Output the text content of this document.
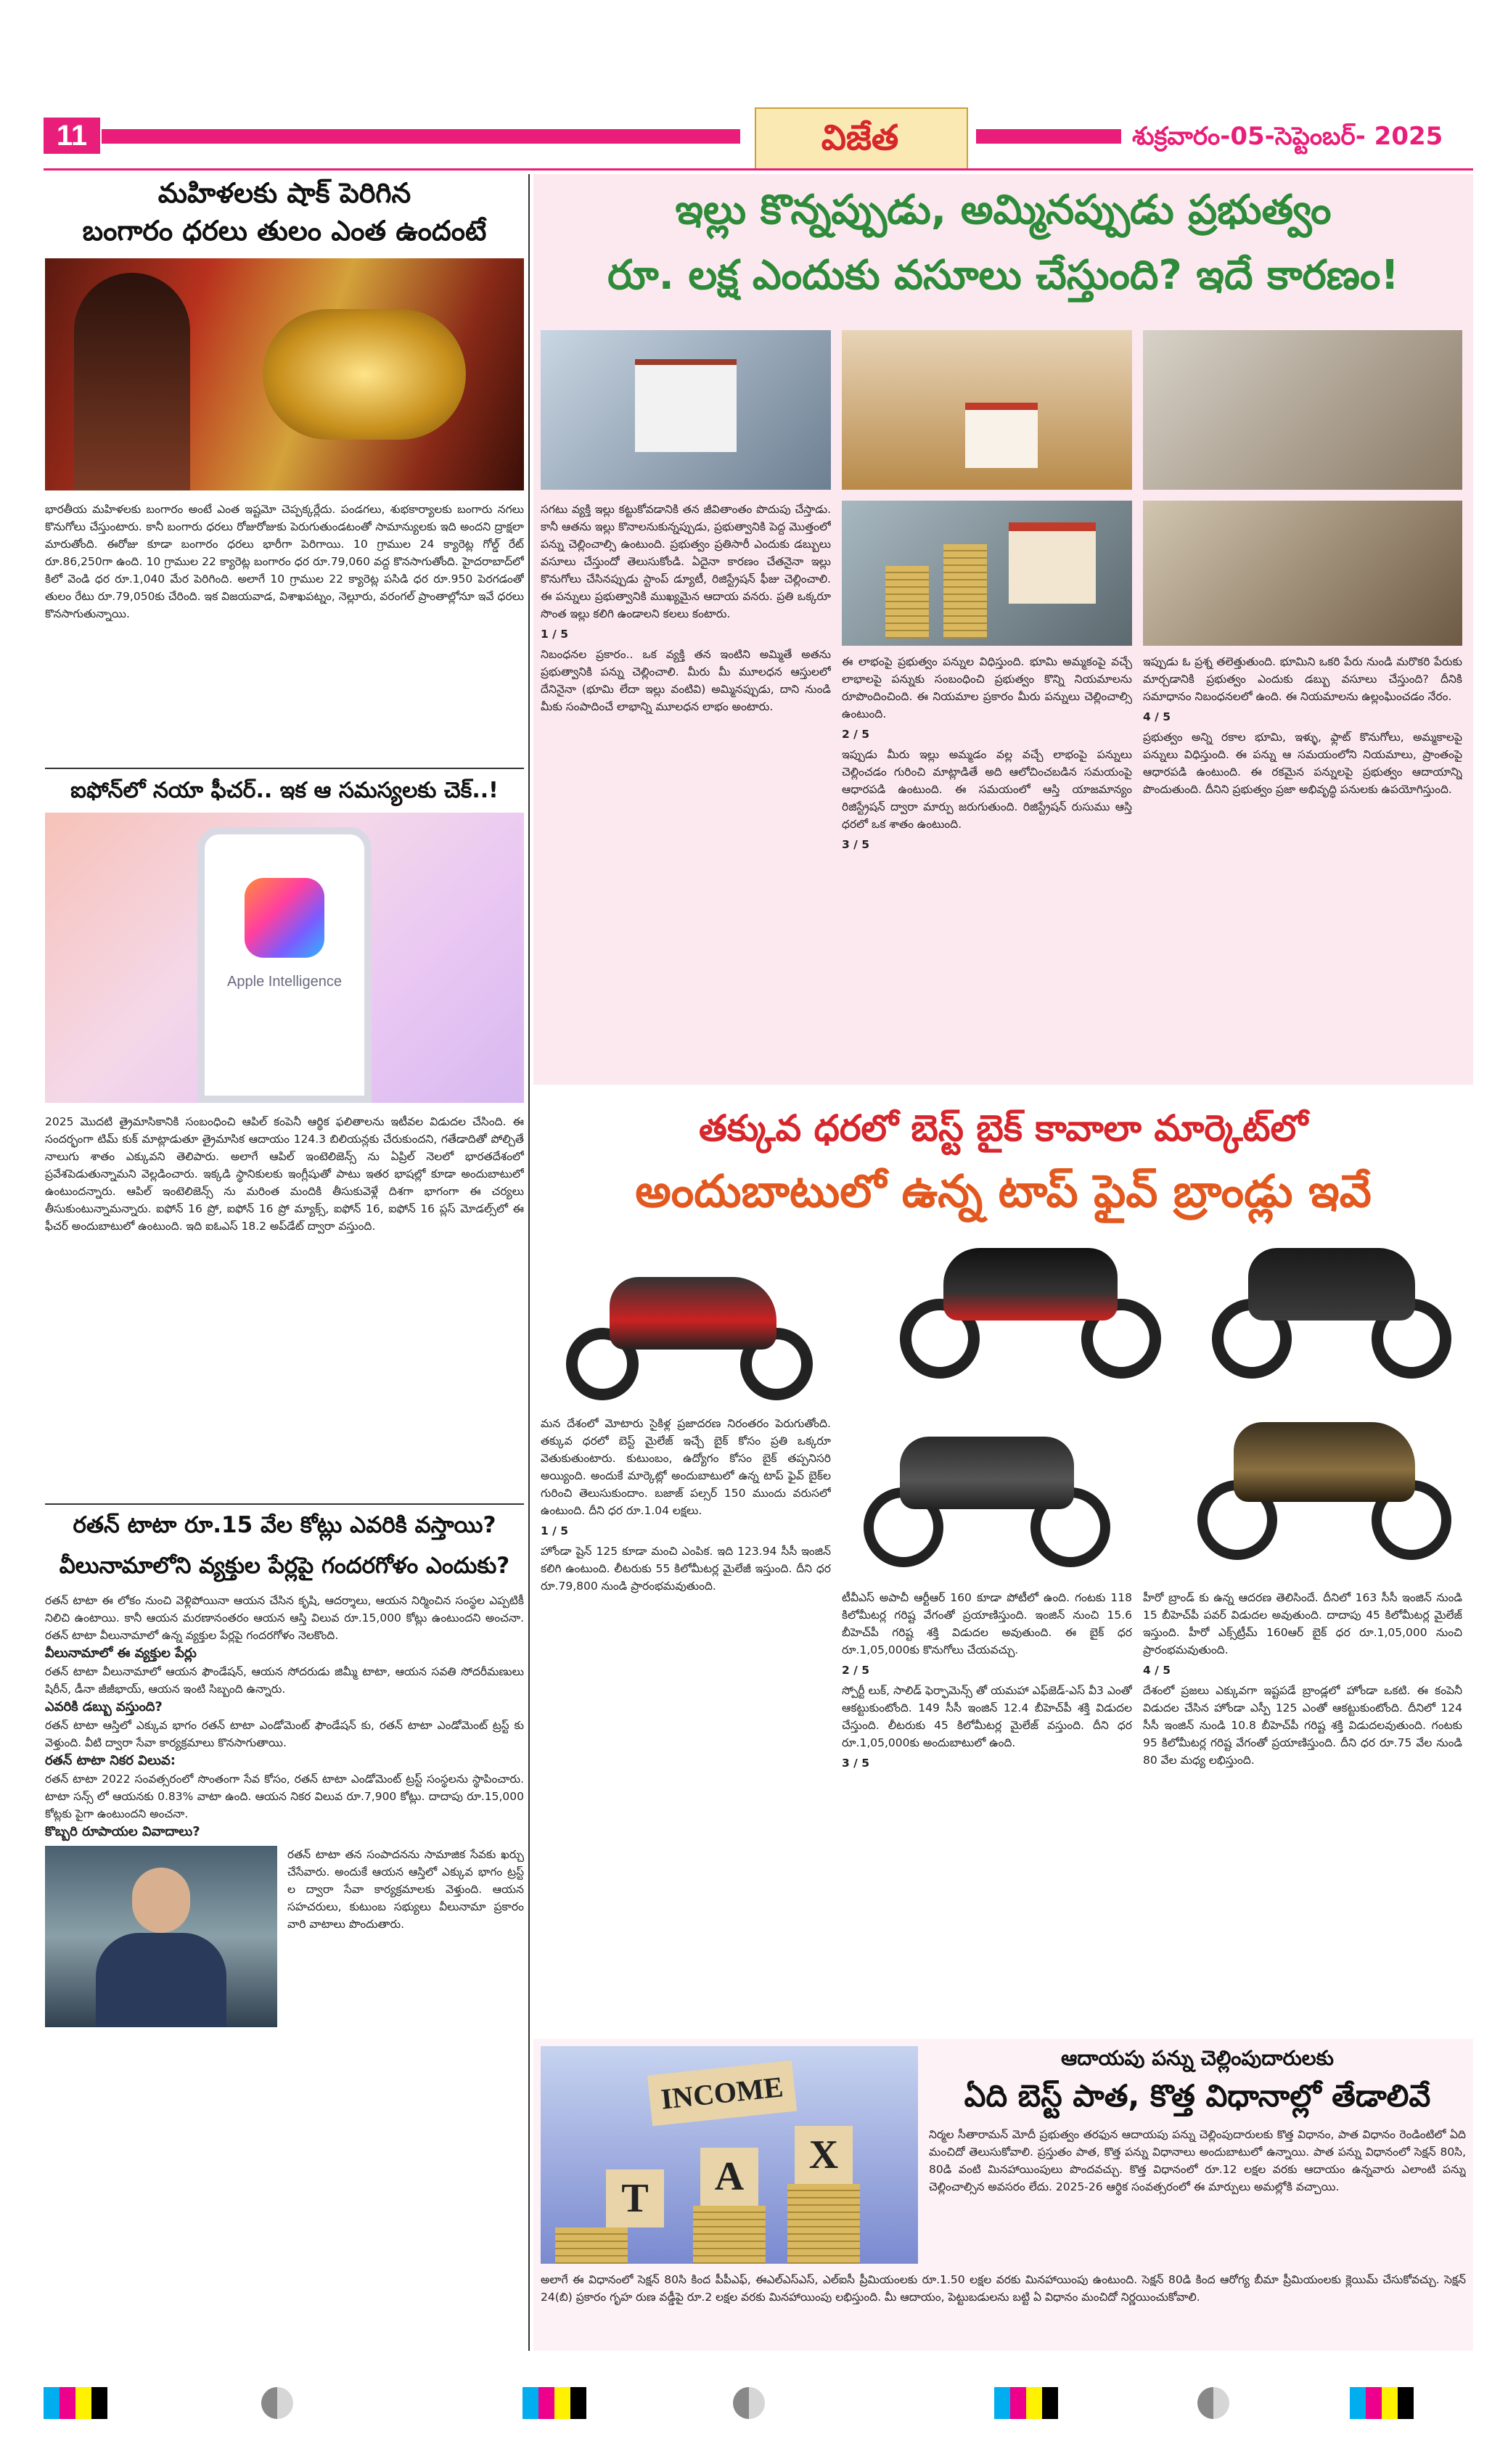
11	విజేత	శుక్రవారం-05-సెప్టెంబర్- 2025
మహిళలకు షాక్ పెరిగిన
బంగారం ధరలు తులం ఎంత ఉందంటే
భారతీయ మహిళలకు బంగారం అంటే ఎంత ఇష్టమో చెప్పక్కర్లేదు. పండగలు, శుభకార్యాలకు బంగారు నగలు కొనుగోలు చేస్తుంటారు. కానీ బంగారు ధరలు రోజురోజుకు పెరుగుతుండటంతో సామాన్యులకు ఇది అందని ద్రాక్షలా మారుతోంది. ఈరోజు కూడా బంగారం ధరలు భారీగా పెరిగాయి. 10 గ్రాముల 24 క్యారెట్ల గోల్డ్ రేట్ రూ.86,250గా ఉంది. 10 గ్రాముల 22 క్యారెట్ల బంగారం ధర రూ.79,060 వద్ద కొనసాగుతోంది. హైదరాబాద్‌లో కిలో వెండి ధర రూ.1,040 మేర పెరిగింది. అలాగే 10 గ్రాముల 22 క్యారెట్ల పసిడి ధర రూ.950 పెరగడంతో తులం రేటు రూ.79,050కు చేరింది. ఇక విజయవాడ, విశాఖపట్నం, నెల్లూరు, వరంగల్ ప్రాంతాల్లోనూ ఇవే ధరలు కొనసాగుతున్నాయి.
ఐఫోన్‌లో నయా ఫీచర్.. ఇక ఆ సమస్యలకు చెక్..!
Apple Intelligence
2025 మొదటి త్రైమాసికానికి సంబంధించి ఆపిల్ కంపెనీ ఆర్థిక ఫలితాలను ఇటీవల విడుదల చేసింది. ఈ సందర్భంగా టిమ్ కుక్ మాట్లాడుతూ త్రైమాసిక ఆదాయం 124.3 బిలియన్లకు చేరుకుందని, గతేడాదితో పోల్చితే నాలుగు శాతం ఎక్కువని తెలిపారు. అలాగే ఆపిల్ ఇంటెలిజెన్స్ ను ఏప్రిల్ నెలలో భారతదేశంలో ప్రవేశపెడుతున్నామని వెల్లడించారు. ఇక్కడి స్థానికులకు ఇంగ్లీషుతో పాటు ఇతర భాషల్లో కూడా అందుబాటులో ఉంటుందన్నారు. ఆపిల్ ఇంటెలిజెన్స్ ను మరింత మందికి తీసుకువెళ్లే దిశగా భాగంగా ఈ చర్యలు తీసుకుంటున్నామన్నారు. ఐఫోన్ 16 ప్రో, ఐఫోన్ 16 ప్రో మ్యాక్స్, ఐఫోన్ 16, ఐఫోన్ 16 ప్లస్ మోడల్స్‌లో ఈ ఫీచర్ అందుబాటులో ఉంటుంది. ఇది ఐఓఎస్ 18.2 అప్‌డేట్ ద్వారా వస్తుంది.
రతన్ టాటా రూ.15 వేల కోట్లు ఎవరికి వస్తాయి?
వీలునామాలోని వ్యక్తుల పేర్లపై గందరగోళం ఎందుకు?
రతన్ టాటా ఈ లోకం నుంచి వెళ్లిపోయినా ఆయన చేసిన కృషి, ఆదర్శాలు, ఆయన నిర్మించిన సంస్థల ఎప్పటికీ నిలిచి ఉంటాయి. కానీ ఆయన మరణానంతరం ఆయన ఆస్తి విలువ రూ.15,000 కోట్లు ఉంటుందని అంచనా. రతన్ టాటా వీలునామాలో ఉన్న వ్యక్తుల పేర్లపై గందరగోళం నెలకొంది.
వీలునామాలో ఈ వ్యక్తుల పేర్లు
రతన్ టాటా వీలునామాలో ఆయన ఫౌండేషన్, ఆయన సోదరుడు జిమ్మీ టాటా, ఆయన సవతి సోదరీమణులు షిరీన్, డీనా జీజీభాయ్, ఆయన ఇంటి సిబ్బంది ఉన్నారు.
ఎవరికి డబ్బు వస్తుంది?
రతన్ టాటా ఆస్తిలో ఎక్కువ భాగం రతన్ టాటా ఎండోమెంట్ ఫౌండేషన్ కు, రతన్ టాటా ఎండోమెంట్ ట్రస్ట్ కు వెళ్తుంది. వీటి ద్వారా సేవా కార్యక్రమాలు కొనసాగుతాయి.
రతన్ టాటా నికర విలువ:
రతన్ టాటా 2022 సంవత్సరంలో సొంతంగా సేవ కోసం, రతన్ టాటా ఎండోమెంట్ ట్రస్ట్ సంస్థలను స్థాపించారు. టాటా సన్స్ లో ఆయనకు 0.83% వాటా ఉంది. ఆయన నికర విలువ రూ.7,900 కోట్లు. దాదాపు రూ.15,000 కోట్లకు పైగా ఉంటుందని అంచనా.
కొబ్బరి రూపాయల వివాదాలు?
రతన్ టాటా తన సంపాదనను సామాజిక సేవకు ఖర్చు చేసేవారు. అందుకే ఆయన ఆస్తిలో ఎక్కువ భాగం ట్రస్ట్ ల ద్వారా సేవా కార్యక్రమాలకు వెళ్తుంది. ఆయన సహచరులు, కుటుంబ సభ్యులు వీలునామా ప్రకారం వారి వాటాలు పొందుతారు.
ఇల్లు కొన్నప్పుడు, అమ్మినప్పుడు ప్రభుత్వం
రూ. లక్ష ఎందుకు వసూలు చేస్తుంది? ఇదే కారణం!
సగటు వ్యక్తి ఇల్లు కట్టుకోవడానికి తన జీవితాంతం పొదుపు చేస్తాడు. కానీ ఆతను ఇల్లు కొనాలనుకున్నప్పుడు, ప్రభుత్వానికి పెద్ద మొత్తంలో పన్ను చెల్లించాల్సి ఉంటుంది. ప్రభుత్వం ప్రతిసారీ ఎందుకు డబ్బులు వసూలు చేస్తుందో తెలుసుకోండి. ఏదైనా కారణం చేతనైనా ఇల్లు కొనుగోలు చేసినప్పుడు స్టాంప్ డ్యూటీ, రిజిస్ట్రేషన్ ఫీజు చెల్లించాలి. ఈ పన్నులు ప్రభుత్వానికి ముఖ్యమైన ఆదాయ వనరు. ప్రతి ఒక్కరూ సొంత ఇల్లు కలిగి ఉండాలని కలలు కంటారు.
1 / 5
నిబంధనల ప్రకారం.. ఒక వ్యక్తి తన ఇంటిని అమ్మితే అతను ప్రభుత్వానికి పన్ను చెల్లించాలి. మీరు మీ మూలధన ఆస్తులలో దేనినైనా (భూమి లేదా ఇల్లు వంటివి) అమ్మినప్పుడు, దాని నుండి మీకు సంపాదించే లాభాన్ని మూలధన లాభం అంటారు.
ఈ లాభంపై ప్రభుత్వం పన్నుల విధిస్తుంది. భూమి అమ్మకంపై వచ్చే లాభాలపై పన్నుకు సంబంధించి ప్రభుత్వం కొన్ని నియమాలను రూపొందించింది. ఈ నియమాల ప్రకారం మీరు పన్నులు చెల్లించాల్సి ఉంటుంది.
2 / 5
ఇప్పుడు మీరు ఇల్లు అమ్మడం వల్ల వచ్చే లాభంపై పన్నులు చెల్లించడం గురించి మాట్లాడితే అది ఆలోచించబడిన సమయంపై ఆధారపడి ఉంటుంది. ఈ సమయంలో ఆస్తి యాజమాన్యం రిజిస్ట్రేషన్ ద్వారా మార్పు జరుగుతుంది. రిజిస్ట్రేషన్ రుసుము ఆస్తి ధరలో ఒక శాతం ఉంటుంది.
3 / 5
ఇప్పుడు ఓ ప్రశ్న తలెత్తుతుంది. భూమిని ఒకరి పేరు నుండి మరొకరి పేరుకు మార్చడానికి ప్రభుత్వం ఎందుకు డబ్బు వసూలు చేస్తుంది? దీనికి సమాధానం నిబంధనలలో ఉంది. ఈ నియమాలను ఉల్లంఘించడం నేరం.
4 / 5
ప్రభుత్వం అన్ని రకాల భూమి, ఇళ్ళు, ఫ్లాట్ కొనుగోలు, అమ్మకాలపై పన్నులు విధిస్తుంది. ఈ పన్ను ఆ సమయంలోని నియమాలు, ప్రాంతంపై ఆధారపడి ఉంటుంది. ఈ రకమైన పన్నులపై ప్రభుత్వం ఆదాయాన్ని పొందుతుంది. దీనిని ప్రభుత్వం ప్రజా అభివృద్ధి పనులకు ఉపయోగిస్తుంది.
తక్కువ ధరలో బెస్ట్ బైక్ కావాలా మార్కెట్‌లో
అందుబాటులో ఉన్న టాప్ ఫైవ్ బ్రాండ్లు ఇవే
మన దేశంలో మోటారు సైకిళ్ల ప్రజాదరణ నిరంతరం పెరుగుతోంది. తక్కువ ధరలో బెస్ట్ మైలేజ్ ఇచ్చే బైక్ కోసం ప్రతి ఒక్కరూ వెతుకుతుంటారు. కుటుంబం, ఉద్యోగం కోసం బైక్ తప్పనిసరి అయ్యింది. అందుకే మార్కెట్లో అందుబాటులో ఉన్న టాప్ ఫైవ్ బైక్‌ల గురించి తెలుసుకుందాం. బజాజ్ పల్సర్ 150 ముందు వరుసలో ఉంటుంది. దీని ధర రూ.1.04 లక్షలు.
1 / 5
హోండా షైన్ 125 కూడా మంచి ఎంపిక. ఇది 123.94 సీసీ ఇంజిన్ కలిగి ఉంటుంది. లీటరుకు 55 కిలోమీటర్ల మైలేజీ ఇస్తుంది. దీని ధర రూ.79,800 నుండి ప్రారంభమవుతుంది.
టీవీఎస్ అపాచీ ఆర్టీఆర్ 160 కూడా పోటీలో ఉంది. గంటకు 118 కిలోమీటర్ల గరిష్ట వేగంతో ప్రయాణిస్తుంది. ఇంజిన్ నుంచి 15.6 బీహెచ్‌పీ గరిష్ట శక్తి విడుదల అవుతుంది. ఈ బైక్ ధర రూ.1,05,000కు కొనుగోలు చేయవచ్చు.
2 / 5
స్పోర్టీ లుక్, సాలిడ్ ఫెర్ఫామెన్స్ తో యమహా ఎఫ్‌జెడ్-ఎస్ వీ3 ఎంతో ఆకట్టుకుంటోంది. 149 సీసీ ఇంజిన్ 12.4 బీహెచ్‌పీ శక్తి విడుదల చేస్తుంది. లీటరుకు 45 కిలోమీటర్ల మైలేజ్ వస్తుంది. దీని ధర రూ.1,05,000కు అందుబాటులో ఉంది.
3 / 5
హీరో బ్రాండ్ కు ఉన్న ఆదరణ తెలిసిందే. దీనిలో 163 సీసీ ఇంజిన్ నుండి 15 బీహెచ్‌పీ పవర్ విడుదల అవుతుంది. దాదాపు 45 కిలోమీటర్ల మైలేజ్ ఇస్తుంది. హీరో ఎక్స్‌ట్రీమ్ 160ఆర్ బైక్ ధర రూ.1,05,000 నుంచి ప్రారంభమవుతుంది.
4 / 5
దేశంలో ప్రజలు ఎక్కువగా ఇష్టపడే బ్రాండ్లలో హోండా ఒకటి. ఈ కంపెనీ విడుదల చేసిన హోండా ఎస్పీ 125 ఎంతో ఆకట్టుకుంటోంది. దీనిలో 124 సీసీ ఇంజిన్ నుండి 10.8 బీహెచ్‌పీ గరిష్ట శక్తి విడుదలవుతుంది. గంటకు 95 కిలోమీటర్ల గరిష్ట వేగంతో ప్రయాణిస్తుంది. దీని ధర రూ.75 వేల నుండి 80 వేల మధ్య లభిస్తుంది.
INCOME
T	A	X
ఆదాయపు పన్ను చెల్లింపుదారులకు
ఏది బెస్ట్ పాత, కొత్త విధానాల్లో తేడాలివే
నిర్మల సీతారామన్ మోదీ ప్రభుత్వం తరఫున ఆదాయపు పన్ను చెల్లింపుదారులకు కొత్త విధానం, పాత విధానం రెండింటిలో ఏది మంచిదో తెలుసుకోవాలి. ప్రస్తుతం పాత, కొత్త పన్ను విధానాలు అందుబాటులో ఉన్నాయి. పాత పన్ను విధానంలో సెక్షన్ 80సి, 80డి వంటి మినహాయింపులు పొందవచ్చు. కొత్త విధానంలో రూ.12 లక్షల వరకు ఆదాయం ఉన్నవారు ఎలాంటి పన్ను చెల్లించాల్సిన అవసరం లేదు. 2025-26 ఆర్థిక సంవత్సరంలో ఈ మార్పులు అమల్లోకి వచ్చాయి.
అలాగే ఈ విధానంలో సెక్షన్ 80సి కింద పీపీఎఫ్, ఈఎల్ఎస్ఎస్, ఎల్ఐసీ ప్రీమియంలకు రూ.1.50 లక్షల వరకు మినహాయింపు ఉంటుంది. సెక్షన్ 80డి కింద ఆరోగ్య బీమా ప్రీమియంలకు క్లెయిమ్ చేసుకోవచ్చు. సెక్షన్ 24(బి) ప్రకారం గృహ రుణ వడ్డీపై రూ.2 లక్షల వరకు మినహాయింపు లభిస్తుంది. మీ ఆదాయం, పెట్టుబడులను బట్టి ఏ విధానం మంచిదో నిర్ణయించుకోవాలి.
